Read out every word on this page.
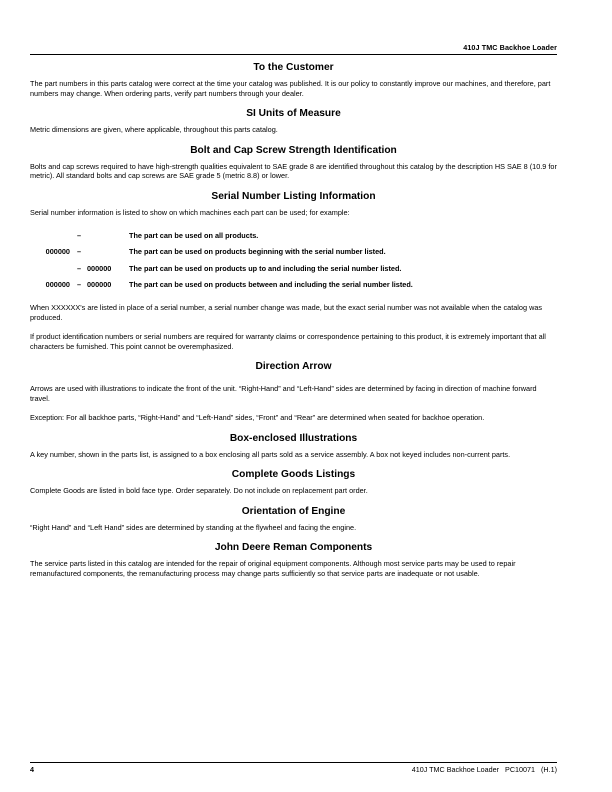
410J TMC Backhoe Loader
To the Customer

The part numbers in this parts catalog were correct at the time your catalog was published. It is our policy to constantly improve our machines, and therefore, part numbers may change. When ordering parts, verify part numbers through your dealer.

SI Units of Measure

Metric dimensions are given, where applicable, throughout this parts catalog.

Bolt and Cap Screw Strength Identification

Bolts and cap screws required to have high-strength qualities equivalent to SAE grade 8 are identified throughout this catalog by the description HS SAE 8 (10.9 for metric). All standard bolts and cap screws are SAE grade 5 (metric 8.8) or lower.

Serial Number Listing Information

Serial number information is listed to show on which machines each part can be used; for example:

–	The part can be used on all products.
000000 –	The part can be used on products beginning with the serial number listed.
– 000000	The part can be used on products up to and including the serial number listed.
000000 – 000000	The part can be used on products between and including the serial number listed.

When XXXXXX's are listed in place of a serial number, a serial number change was made, but the exact serial number was not available when the catalog was produced.

If product identification numbers or serial numbers are required for warranty claims or correspondence pertaining to this product, it is extremely important that all characters be furnished. This point cannot be overemphasized.

Direction Arrow

Arrows are used with illustrations to indicate the front of the unit. “Right-Hand” and “Left-Hand” sides are determined by facing in direction of machine forward travel.

Exception: For all backhoe parts, “Right-Hand” and “Left-Hand” sides, “Front” and “Rear” are determined when seated for backhoe operation.

Box-enclosed Illustrations

A key number, shown in the parts list, is assigned to a box enclosing all parts sold as a service assembly. A box not keyed includes non-current parts.

Complete Goods Listings

Complete Goods are listed in bold face type. Order separately. Do not include on replacement part order.

Orientation of Engine

“Right Hand” and “Left Hand” sides are determined by standing at the flywheel and facing the engine.

John Deere Reman Components

The service parts listed in this catalog are intended for the repair of original equipment components. Although most service parts may be used to repair remanufactured components, the remanufacturing process may change parts sufficiently so that service parts are inadequate or not usable.

4	410J TMC Backhoe Loader   PC10071   (H.1)
